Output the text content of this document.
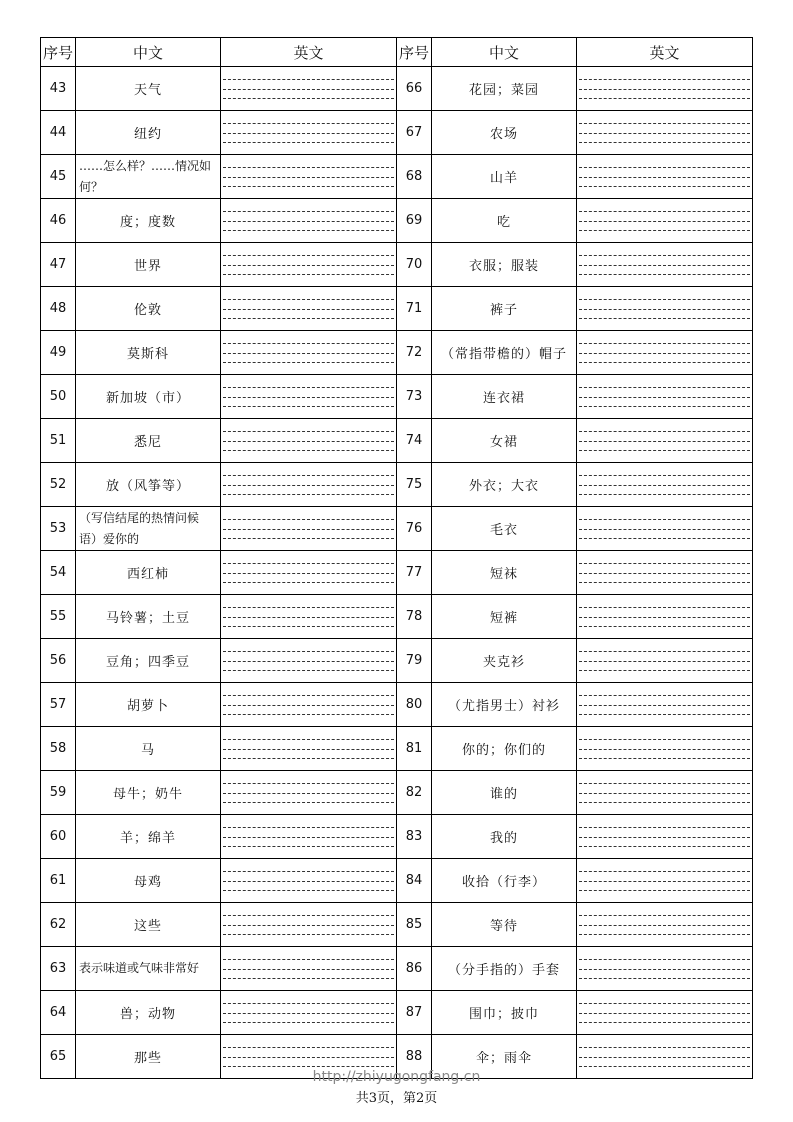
序号	中文	英文	序号	中文	英文
43	天气		66	花园；菜园	

44	纽约		67	农场	

45	……怎么样？……情况如何？		68	山羊	

46	度；度数		69	吃	

47	世界		70	衣服；服装	

48	伦敦		71	裤子	

49	莫斯科		72	（常指带檐的）帽子	

50	新加坡（市）		73	连衣裙	

51	悉尼		74	女裙	

52	放（风筝等）		75	外衣；大衣	

53	（写信结尾的热情问候语）爱你的		76	毛衣	

54	西红柿		77	短袜	

55	马铃薯；土豆		78	短裤	

56	豆角；四季豆		79	夹克衫	

57	胡萝卜		80	（尤指男士）衬衫	

58	马		81	你的；你们的	

59	母牛；奶牛		82	谁的	

60	羊；绵羊		83	我的	

61	母鸡		84	收拾（行李）	

62	这些		85	等待	

63	表示味道或气味非常好		86	（分手指的）手套	

64	兽；动物		87	围巾；披巾	

65	那些		88	伞；雨伞	
http://zhiyugongfang.cn
共3页，第2页
